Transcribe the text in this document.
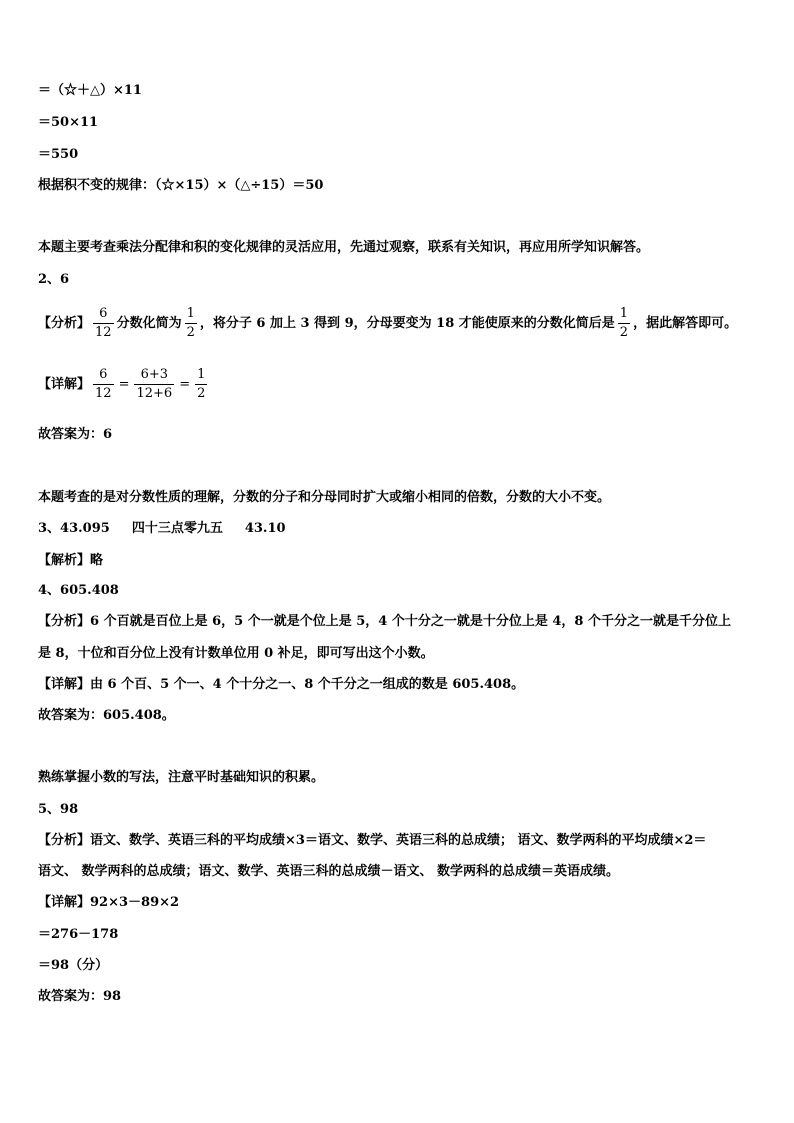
＝（☆＋△）×11
＝50×11
＝550
根据积不变的规律：（☆×15）×（△÷15）＝50
本题主要考查乘法分配律和积的变化规律的灵活应用，先通过观察，联系有关知识，再应用所学知识解答。
2、6
【分析】 $\frac{6}{12}$ 分数化简为 $\frac{1}{2}$ ，将分子 6 加上 3 得到 9，分母要变为 18 才能使原来的分数化简后是 $\frac{1}{2}$ ，据此解答即可。
【详解】 $\frac{6}{12} = \frac{6+3}{12+6} = \frac{1}{2}$
故答案为：6
本题考查的是对分数性质的理解，分数的分子和分母同时扩大或缩小相同的倍数，分数的大小不变。
3、43.095 四十三点零九五 43.10
【解析】略
4、605.408
【分析】6 个百就是百位上是 6，5 个一就是个位上是 5，4 个十分之一就是十分位上是 4，8 个千分之一就是千分位上
是 8，十位和百分位上没有计数单位用 0 补足，即可写出这个小数。
【详解】由 6 个百、5 个一、4 个十分之一、8 个千分之一组成的数是 605.408。
故答案为：605.408。
熟练掌握小数的写法，注意平时基础知识的积累。
5、98
【分析】语文、数学、英语三科的平均成绩×3＝语文、数学、英语三科的总成绩； 语文、数学两科的平均成绩×2＝
语文、 数学两科的总成绩；语文、数学、英语三科的总成绩－语文、 数学两科的总成绩＝英语成绩。
【详解】92×3－89×2
＝276－178
＝98（分）
故答案为：98
